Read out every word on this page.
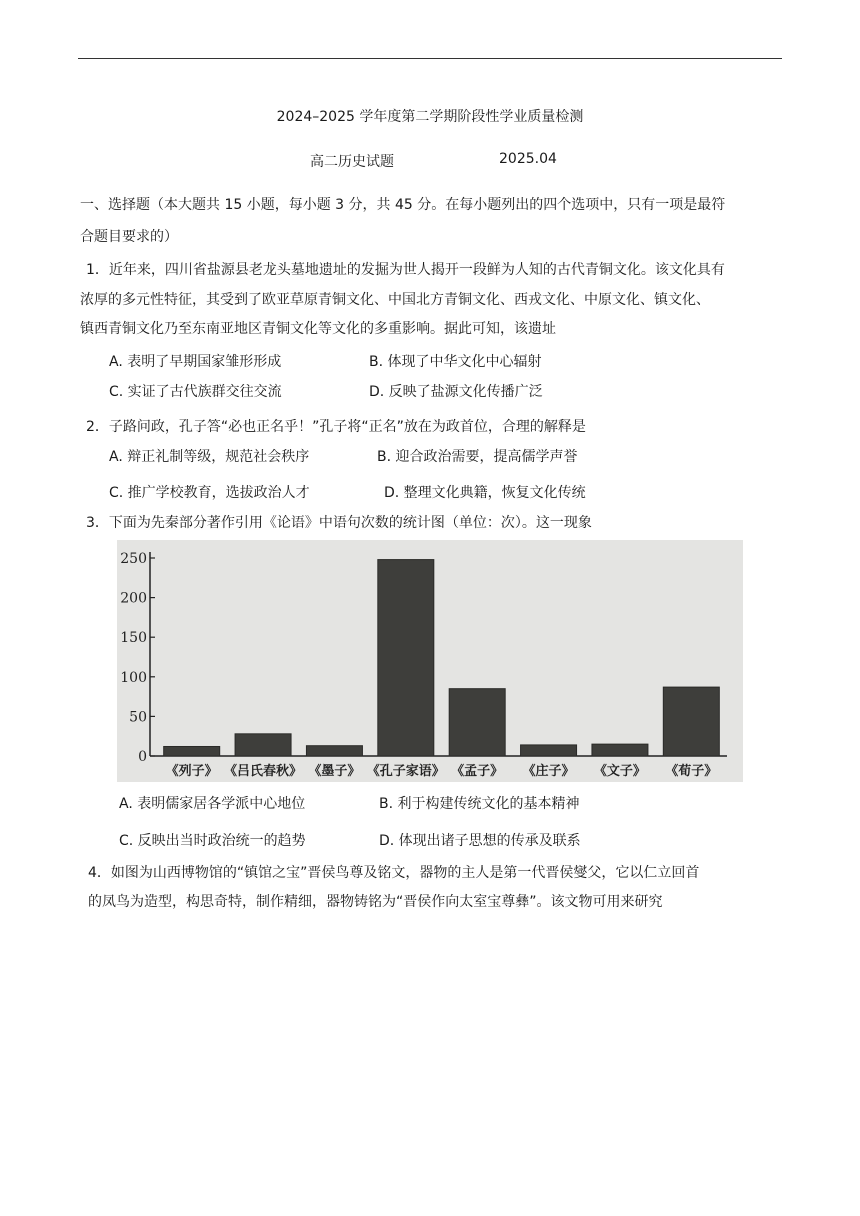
2024–2025 学年度第二学期阶段性学业质量检测
高二历史试题	2025.04
一、选择题（本大题共 15 小题，每小题 3 分，共 45 分。在每小题列出的四个选项中，只有一项是最符
合题目要求的）
1．近年来，四川省盐源县老龙头墓地遗址的发掘为世人揭开一段鲜为人知的古代青铜文化。该文化具有
浓厚的多元性特征，其受到了欧亚草原青铜文化、中国北方青铜文化、西戎文化、中原文化、镇文化、
镇西青铜文化乃至东南亚地区青铜文化等文化的多重影响。据此可知，该遗址
A. 表明了早期国家雏形形成	B. 体现了中华文化中心辐射
C. 实证了古代族群交往交流	D. 反映了盐源文化传播广泛
2．子路问政，孔子答“必也正名乎！”孔子将“正名”放在为政首位，合理的解释是
A. 辩正礼制等级，规范社会秩序	B. 迎合政治需要，提高儒学声誉
C. 推广学校教育，选拔政治人才	D. 整理文化典籍，恢复文化传统
3．下面为先秦部分著作引用《论语》中语句次数的统计图（单位：次）。这一现象
0
50
100
150
200
250
《列子》 《吕氏春秋》 《墨子》 《孔子家语》 《孟子》 《庄子》 《文子》 《荀子》
A. 表明儒家居各学派中心地位	B. 利于构建传统文化的基本精神
C. 反映出当时政治统一的趋势	D. 体现出诸子思想的传承及联系
4．如图为山西博物馆的“镇馆之宝”晋侯鸟尊及铭文，器物的主人是第一代晋侯燮父，它以仁立回首
的凤鸟为造型，构思奇特，制作精细，器物铸铭为“晋侯作向太室宝尊彝”。该文物可用来研究
